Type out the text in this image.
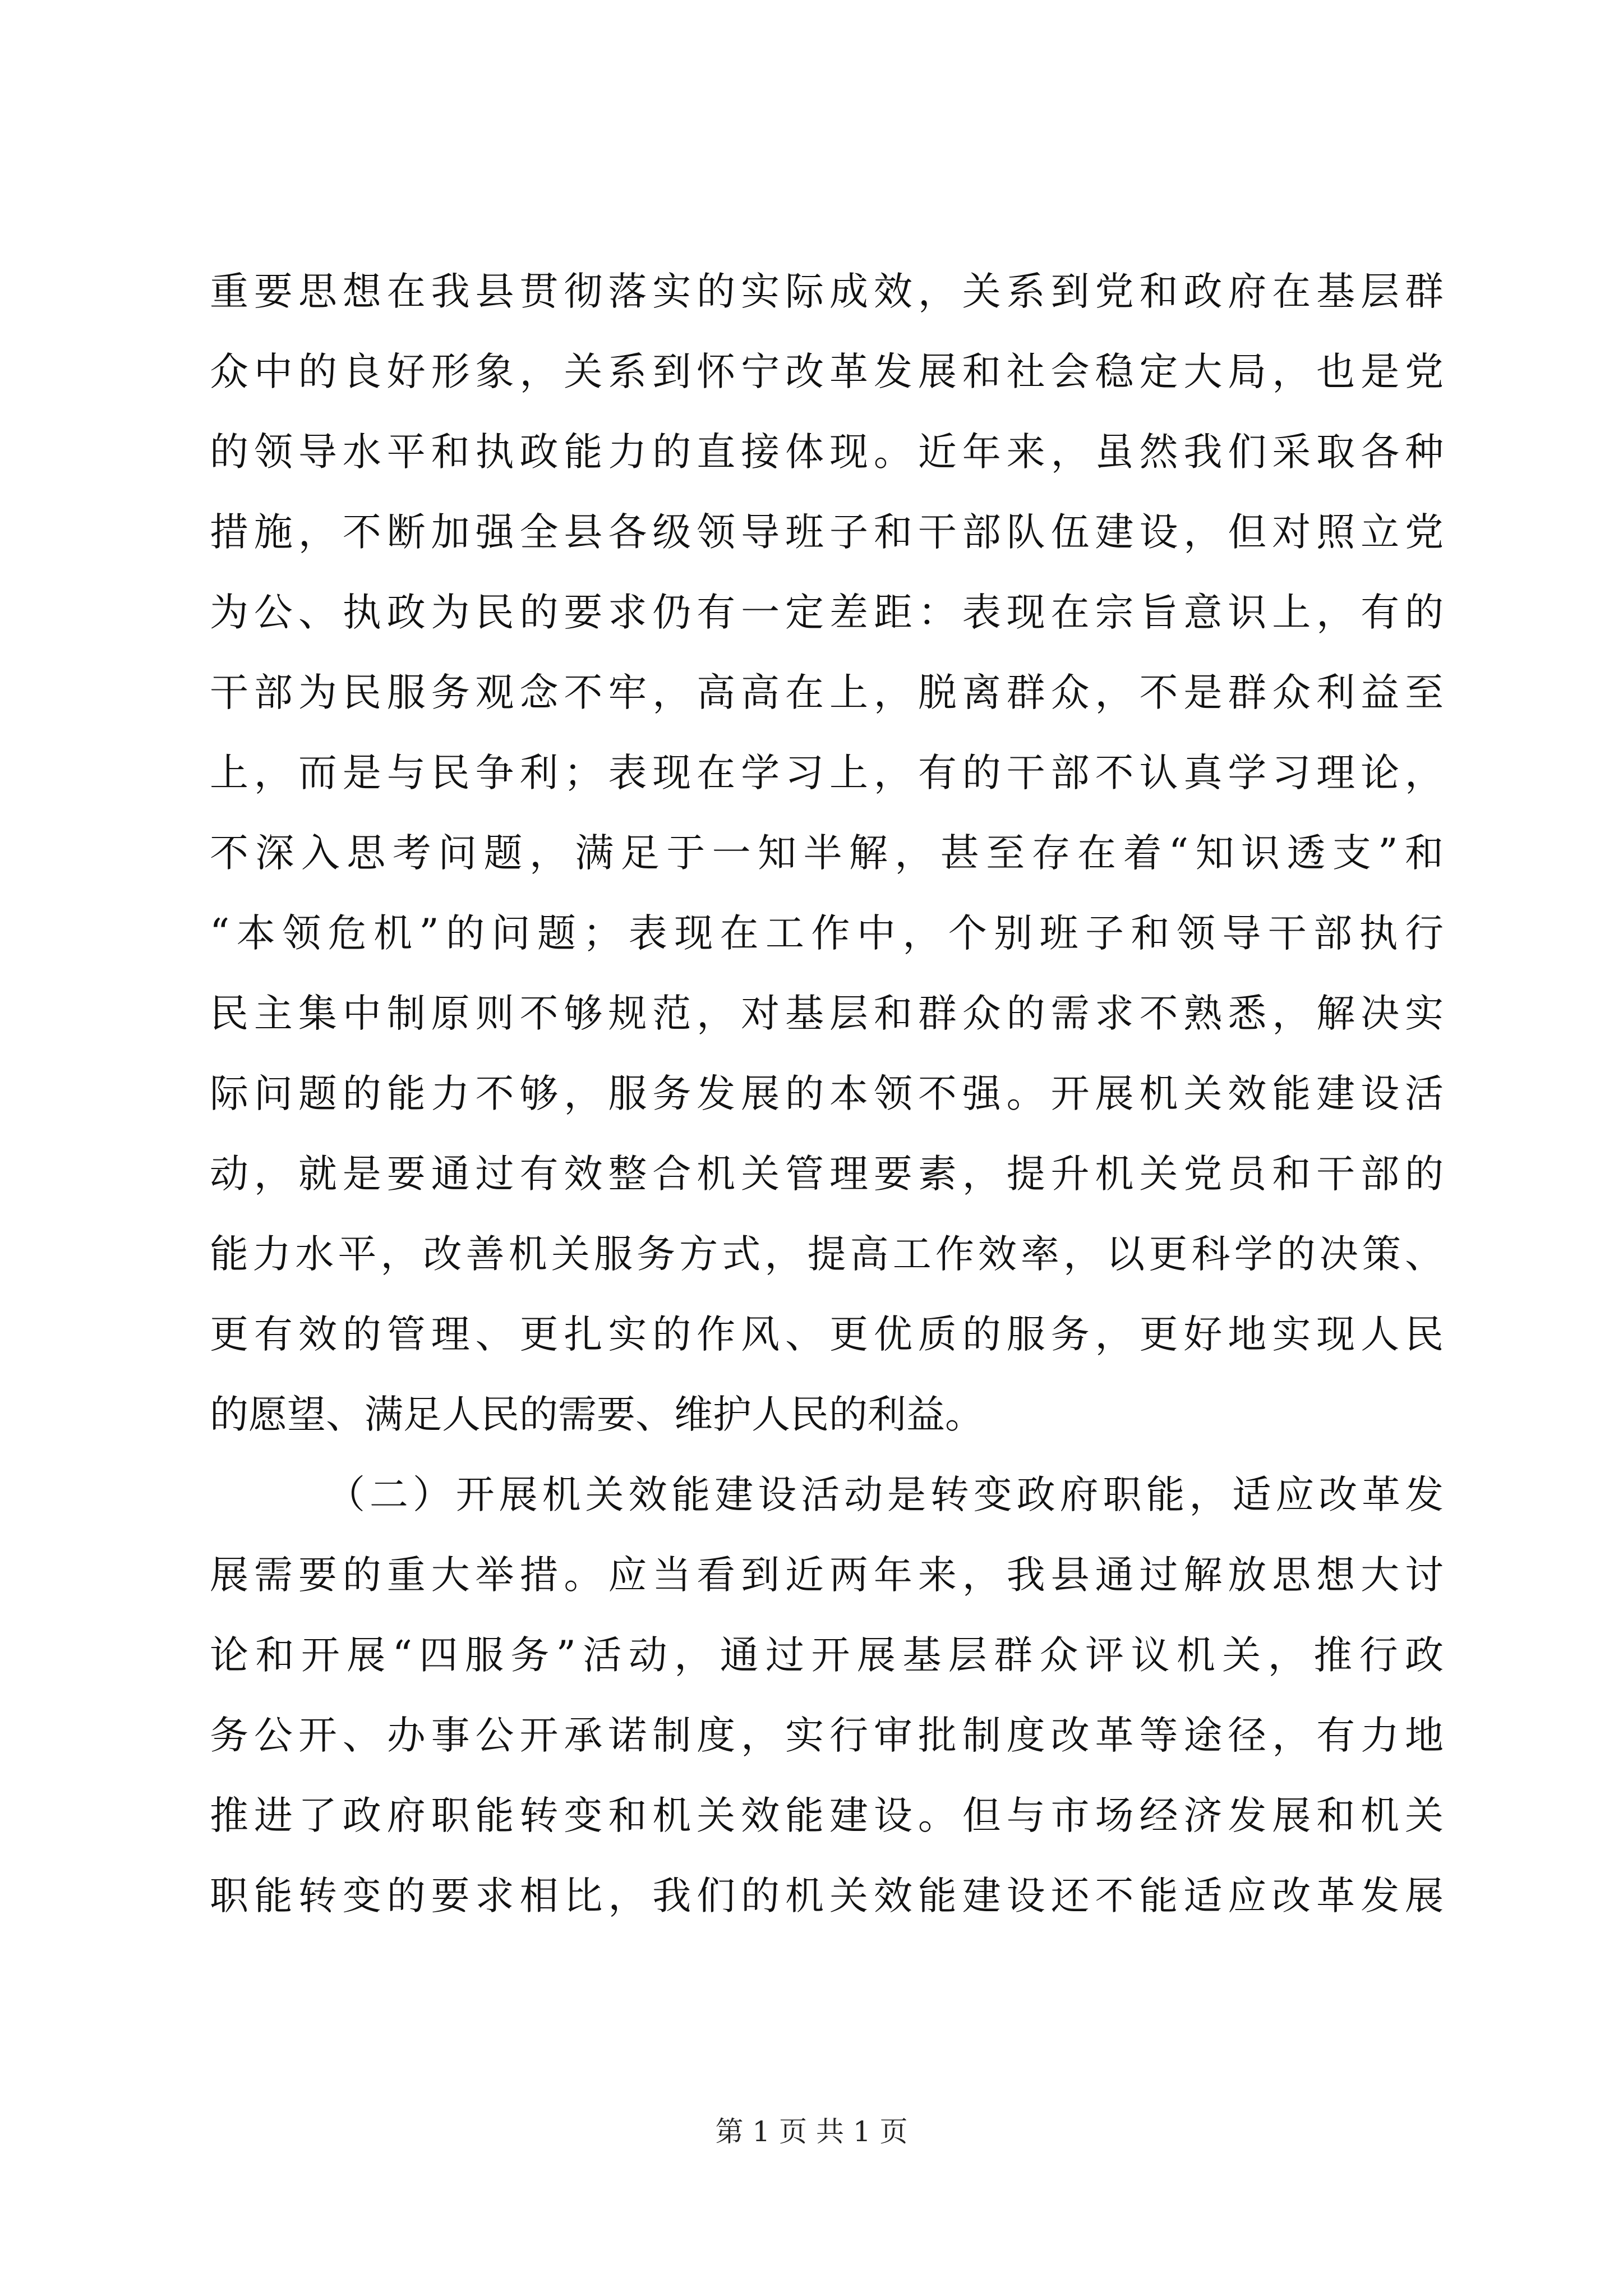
重要思想在我县贯彻落实的实际成效，关系到党和政府在基层群
众中的良好形象，关系到怀宁改革发展和社会稳定大局，也是党
的领导水平和执政能力的直接体现。近年来，虽然我们采取各种
措施，不断加强全县各级领导班子和干部队伍建设，但对照立党
为公、执政为民的要求仍有一定差距：表现在宗旨意识上，有的
干部为民服务观念不牢，高高在上，脱离群众，不是群众利益至
上，而是与民争利；表现在学习上，有的干部不认真学习理论，
不深入思考问题，满足于一知半解，甚至存在着“知识透支”和
“本领危机”的问题；表现在工作中，个别班子和领导干部执行
民主集中制原则不够规范，对基层和群众的需求不熟悉，解决实
际问题的能力不够，服务发展的本领不强。开展机关效能建设活
动，就是要通过有效整合机关管理要素，提升机关党员和干部的
能力水平，改善机关服务方式，提高工作效率，以更科学的决策、
更有效的管理、更扎实的作风、更优质的服务，更好地实现人民
的愿望、满足人民的需要、维护人民的利益。
（二）开展机关效能建设活动是转变政府职能，适应改革发
展需要的重大举措。应当看到近两年来，我县通过解放思想大讨
论和开展“四服务”活动，通过开展基层群众评议机关，推行政
务公开、办事公开承诺制度，实行审批制度改革等途径，有力地
推进了政府职能转变和机关效能建设。但与市场经济发展和机关
职能转变的要求相比，我们的机关效能建设还不能适应改革发展
第 1 页 共 1 页
